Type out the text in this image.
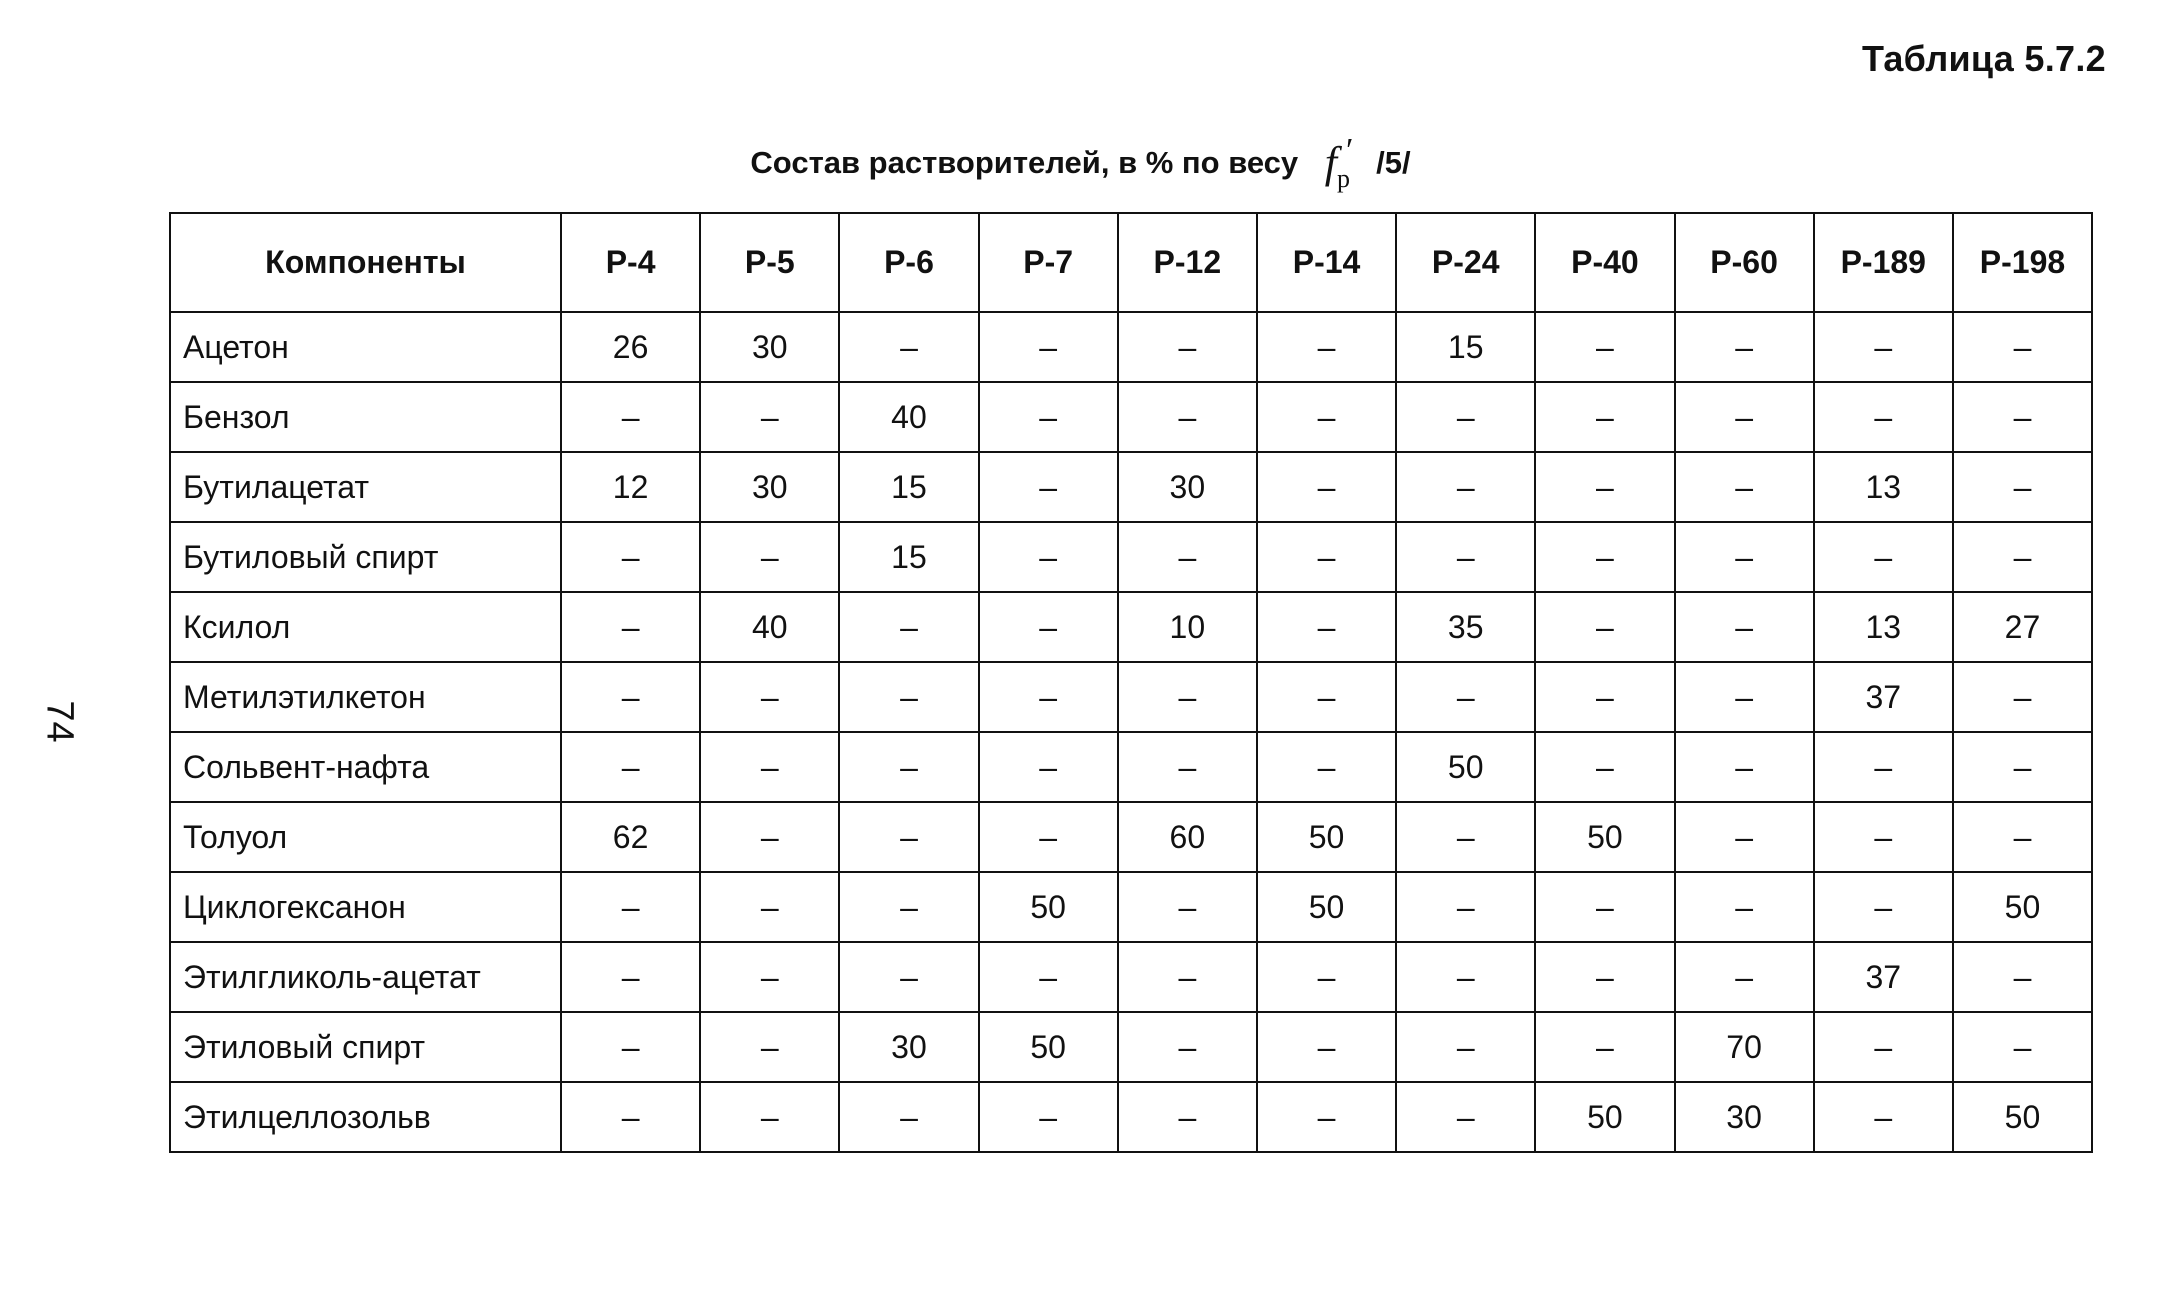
Таблица 5.7.2
Состав растворителей, в % по весу $f_р'$ /5/
74
Компоненты	Р-4	Р-5	Р-6	Р-7	Р-12	Р-14	Р-24	Р-40	Р-60	Р-189	Р-198
Ацетон	26	30	–	–	–	–	15	–	–	–	–
Бензол	–	–	40	–	–	–	–	–	–	–	–
Бутилацетат	12	30	15	–	30	–	–	–	–	13	–
Бутиловый спирт	–	–	15	–	–	–	–	–	–	–	–
Ксилол	–	40	–	–	10	–	35	–	–	13	27
Метилэтилкетон	–	–	–	–	–	–	–	–	–	37	–
Сольвент-нафта	–	–	–	–	–	–	50	–	–	–	–
Толуол	62	–	–	–	60	50	–	50	–	–	–
Циклогексанон	–	–	–	50	–	50	–	–	–	–	50
Этилгликоль-ацетат	–	–	–	–	–	–	–	–	–	37	–
Этиловый спирт	–	–	30	50	–	–	–	–	70	–	–
Этилцеллозольв	–	–	–	–	–	–	–	50	30	–	50
